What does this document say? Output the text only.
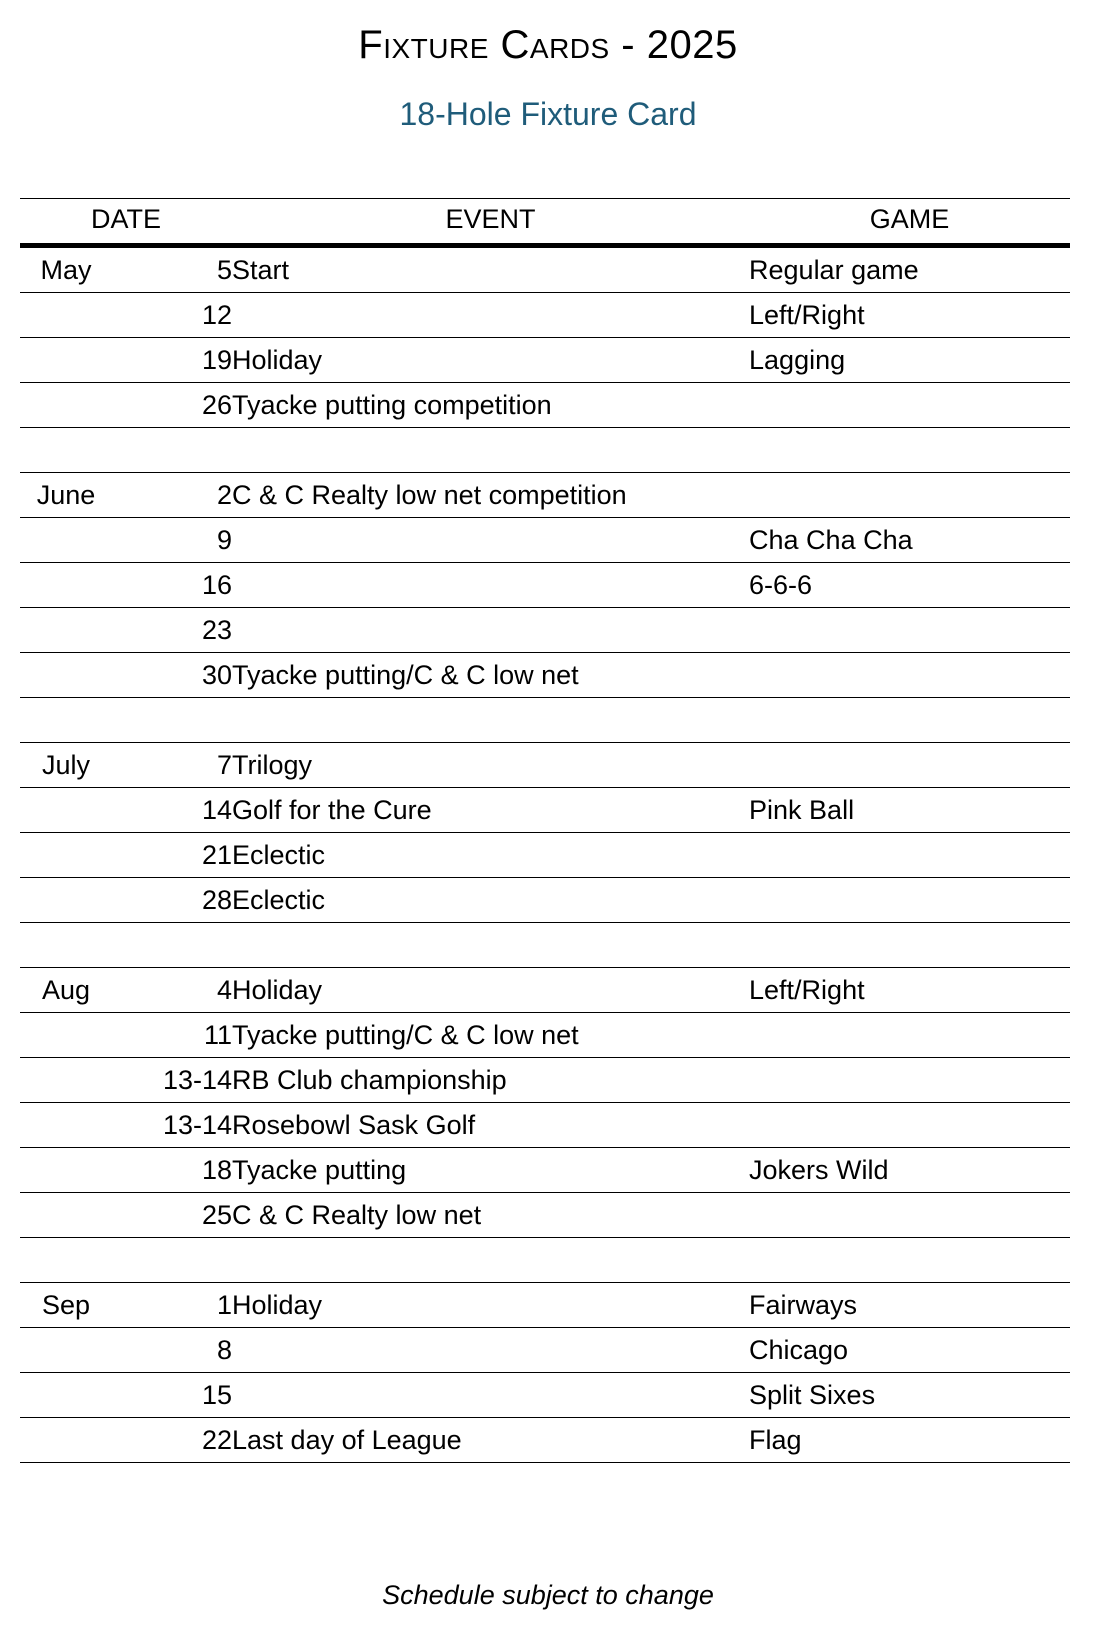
Fixture Cards - 2025
18-Hole Fixture Card
DATE		EVENT	GAME
May	5	Start	Regular game
	12		Left/Right
	19	Holiday	Lagging
	26	Tyacke putting competition	

June	2	C & C Realty low net competition	
	9		Cha Cha Cha
	16		6-6-6
	23		
	30	Tyacke putting/C & C low net	

July	7	Trilogy	
	14	Golf for the Cure	Pink Ball
	21	Eclectic	
	28	Eclectic	

Aug	4	Holiday	Left/Right
	11	Tyacke putting/C & C low net	
	13-14	RB Club championship	
	13-14	Rosebowl Sask Golf	
	18	Tyacke putting	Jokers Wild
	25	C & C Realty low net	

Sep	1	Holiday	Fairways
	8		Chicago
	15		Split Sixes
	22	Last day of League	Flag
Schedule subject to change
